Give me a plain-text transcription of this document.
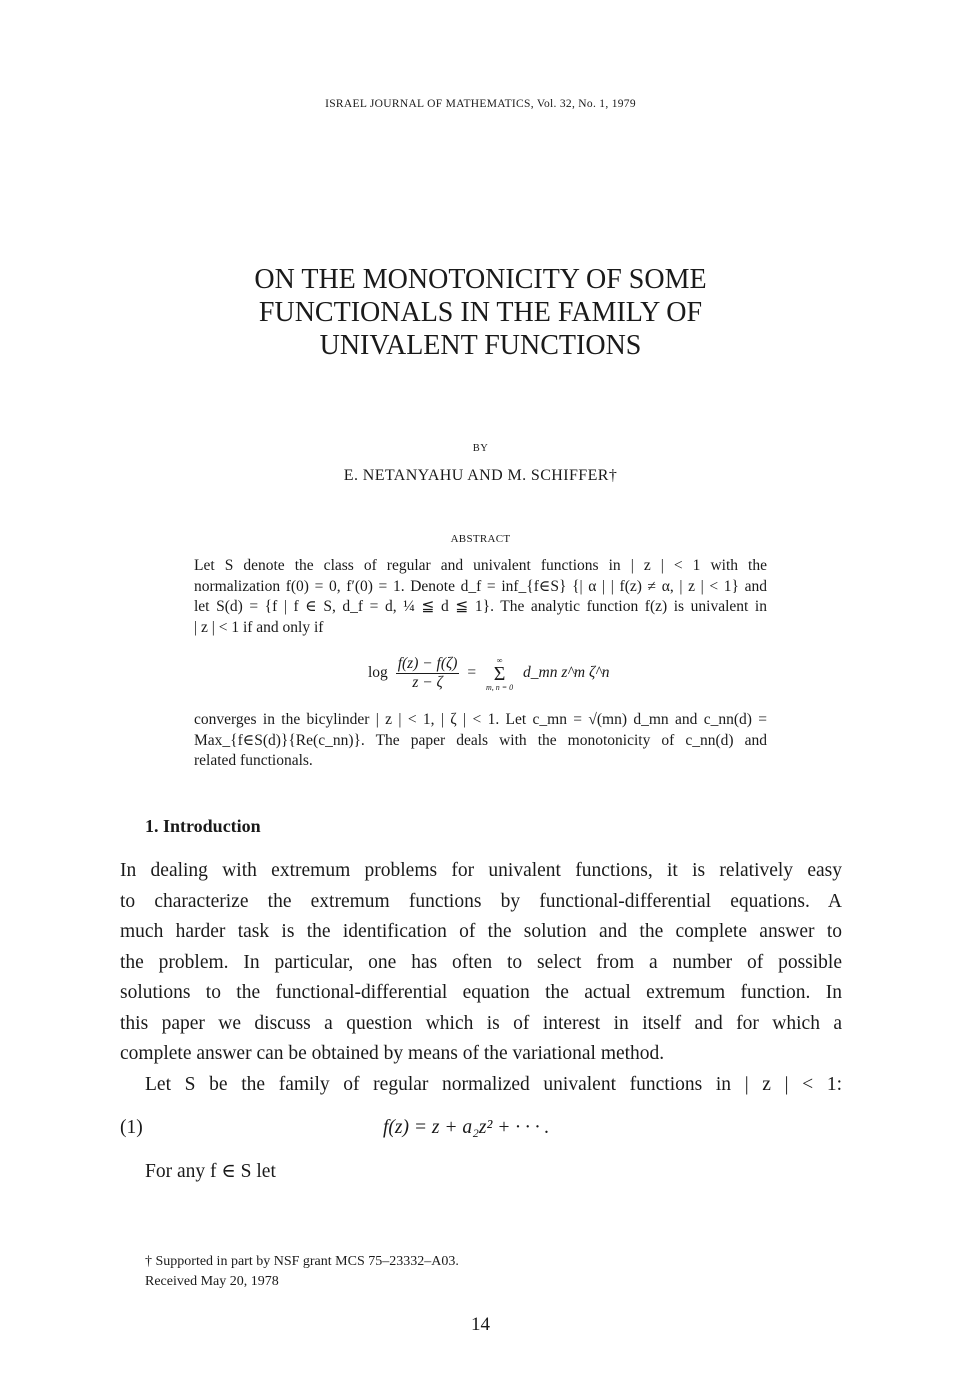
ISRAEL JOURNAL OF MATHEMATICS, Vol. 32, No. 1, 1979
ON THE MONOTONICITY OF SOME
FUNCTIONALS IN THE FAMILY OF
UNIVALENT FUNCTIONS
BY
E. NETANYAHU AND M. SCHIFFER†
ABSTRACT
Let S denote the class of regular and univalent functions in | z | < 1 with the
normalization f(0) = 0, f′(0) = 1. Denote d_f = inf_{f∈S} {| α | | f(z) ≠ α, | z | < 1} and
let S(d) = {f | f ∈ S, d_f = d, ¼ ≦ d ≦ 1}. The analytic function f(z) is univalent in
| z | < 1 if and only if
$\log \frac{f(z) - f(\zeta)}{z - \zeta}$ =
∞
Σ
m, n = 0
d_mn z^m ζ^n
converges in the bicylinder | z | < 1, | ζ | < 1. Let c_mn = √(mn) d_mn and c_nn(d) =
Max_{f∈S(d)}{Re(c_nn)}. The paper deals with the monotonicity of c_nn(d) and
related functionals.
1. Introduction
In dealing with extremum problems for univalent functions, it is relatively easy
to characterize the extremum functions by functional-differential equations. A
much harder task is the identification of the solution and the complete answer to
the problem. In particular, one has often to select from a number of possible
solutions to the functional-differential equation the actual extremum function. In
this paper we discuss a question which is of interest in itself and for which a
complete answer can be obtained by means of the variational method.
Let S be the family of regular normalized univalent functions in | z | < 1:
(1)	f(z) = z + a₂z² + · · · .
For any f ∈ S let
† Supported in part by NSF grant MCS 75–23332–A03.
Received May 20, 1978
14
